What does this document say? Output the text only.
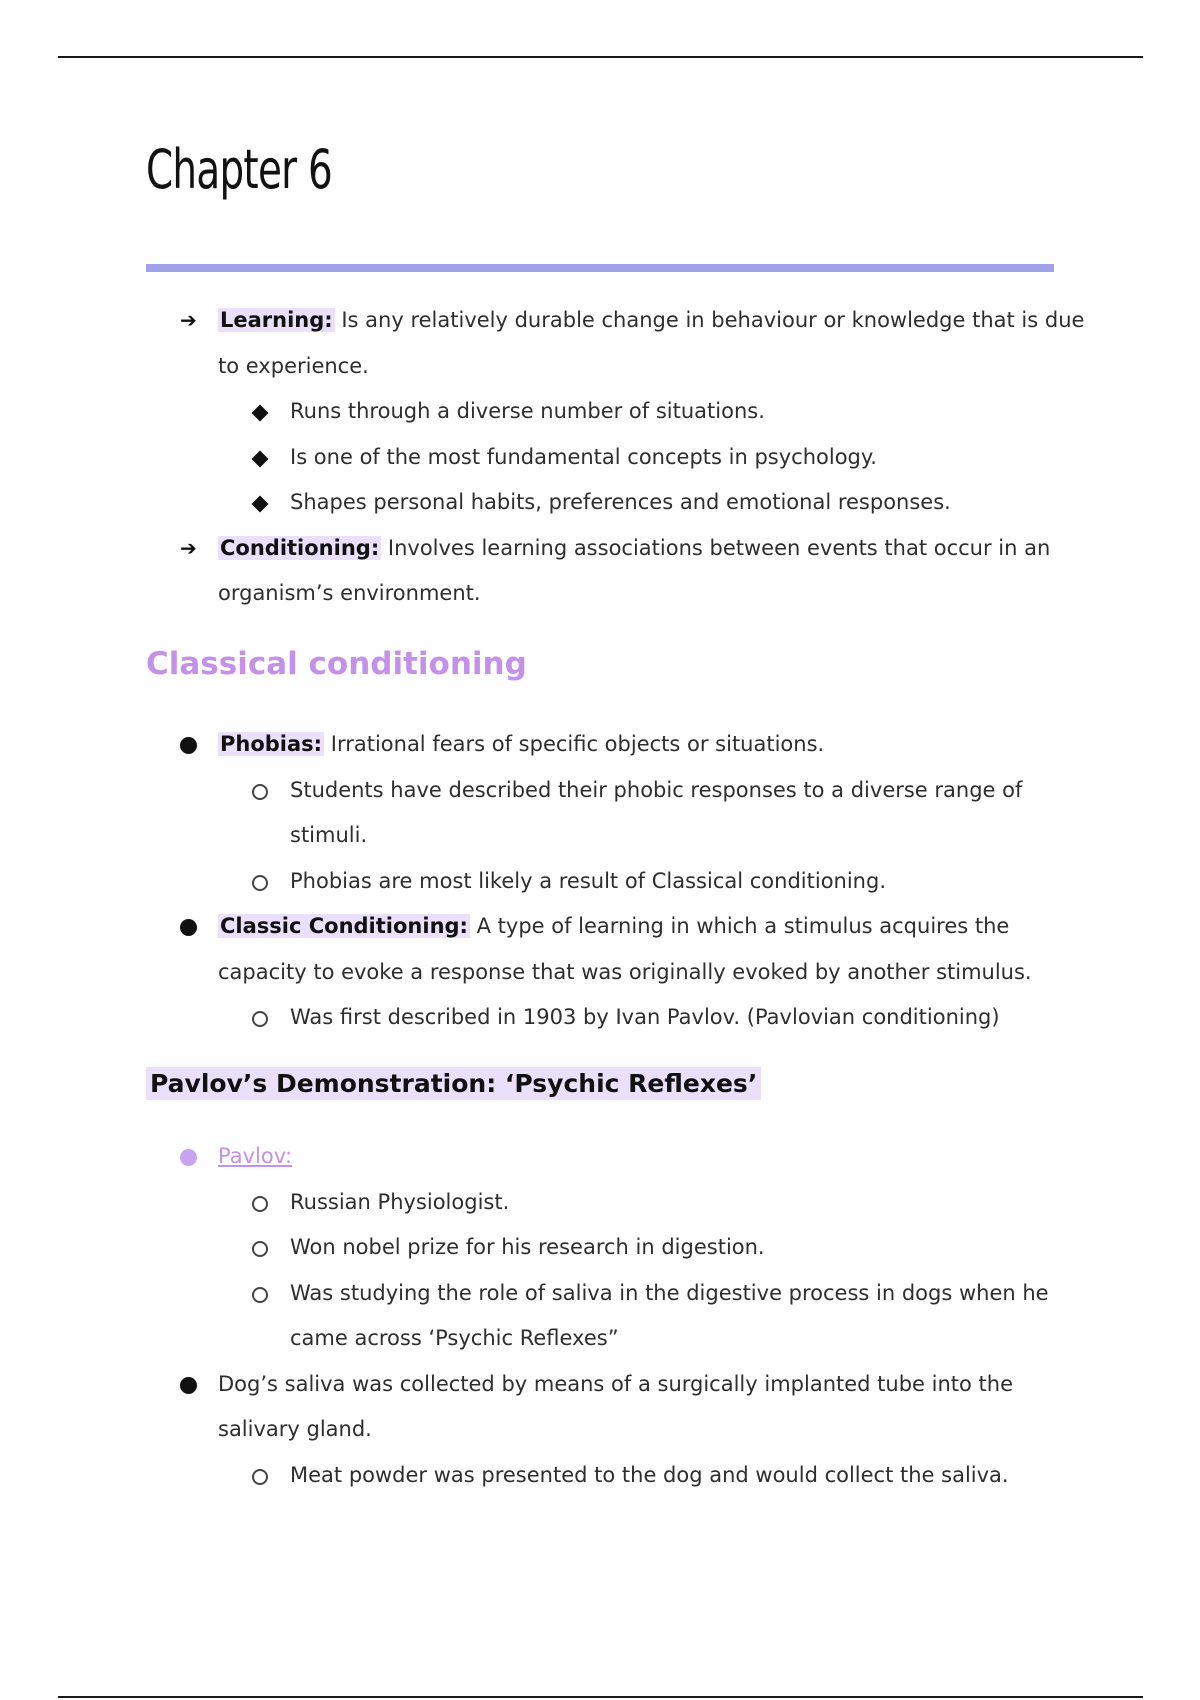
Chapter 6
➔ Learning: Is any relatively durable change in behaviour or knowledge that is due
to experience.
Runs through a diverse number of situations.
Is one of the most fundamental concepts in psychology.
Shapes personal habits, preferences and emotional responses.
➔ Conditioning: Involves learning associations between events that occur in an
organism’s environment.
Classical conditioning
Phobias: Irrational fears of specific objects or situations.
Students have described their phobic responses to a diverse range of
stimuli.
Phobias are most likely a result of Classical conditioning.
Classic Conditioning: A type of learning in which a stimulus acquires the
capacity to evoke a response that was originally evoked by another stimulus.
Was first described in 1903 by Ivan Pavlov. (Pavlovian conditioning)
Pavlov’s Demonstration: ‘Psychic Reflexes’
Pavlov:
Russian Physiologist.
Won nobel prize for his research in digestion.
Was studying the role of saliva in the digestive process in dogs when he
came across ‘Psychic Reflexes”
Dog’s saliva was collected by means of a surgically implanted tube into the
salivary gland.
Meat powder was presented to the dog and would collect the saliva.
